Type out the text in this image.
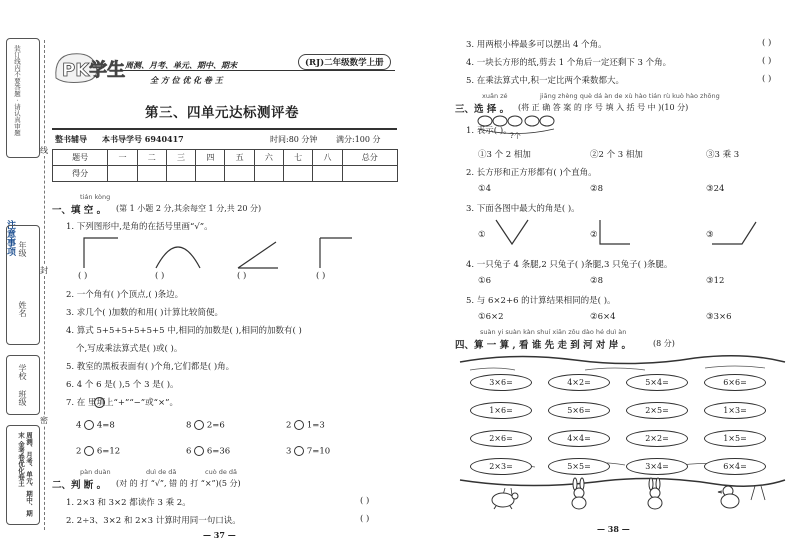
装订线内不要答题 · 请认真审题
注意事项 年级
姓名
学校
班级
周测、月考、单元、期中、期末 金考卷优化卷王
线
封
密
PK学生 周测、月考、单元、期中、期末
全 方 位 优 化 卷 王
(RJ)二年级数学上册
第三、四单元达标测评卷
整书辅导 本书导学号 6940417	时间:80 分钟 满分:100 分
题号	一	二	三	四	五	六	七	八	总分
得分									
tián kòng
一、填 空 。 (第 1 小题 2 分,其余每空 1 分,共 20 分)
1. 下列图形中,是角的在括号里画“√”。
( )	( )	( )	( )
2. 一个角有( )个顶点,( )条边。
3. 求几个( )加数的和用( )计算比较简便。
4. 算式 5+5+5+5+5+5 中,相同的加数是( ),相同的加数有( )
个,写成乘法算式是( )或( )。
5. 教室的黑板表面有( )个角,它们都是( )角。
6. 4 个 6 是( ),5 个 3 是( )。
7. 在 里填上“+”“−”或“×”。
4 4=8	8 2=6	2 1=3
2 6=12	6 6=36	3 7=10
pàn duàn	duì de dǎ	cuò de dǎ
二、判 断 。 (对 的 打 “√”, 错 的 打 “×”)(5 分)
1. 2×3 和 3×2 都读作 3 乘 2。	( )
2. 2÷3、3×2 和 2×3 计算时用同一句口诀。	( )
— 37 —
3. 用两根小棒最多可以摆出 4 个角。	( )
4. 一块长方形的纸,剪去 1 个角后一定还剩下 3 个角。	( )
5. 在乘法算式中,积一定比两个乘数都大。	( )
xuǎn zé	jiāng zhèng què dá àn de xù hào tián rù kuò hào zhōng
三、选 择 。 (将 正 确 答 案 的 序 号 填 入 括 号 中 )(10 分)
1. 表示( )。
?个
①3 个 2 相加	②2 个 3 相加	③3 乘 3
2. 长方形和正方形都有( )个直角。
①4	②8	③24
3. 下面各图中最大的角是( )。
①	②	③
4. 一只兔子 4 条腿,2 只兔子( )条腿,3 只兔子( )条腿。
①6	②8	③12
5. 与 6×2+6 的计算结果相同的是( )。
①6×2	②6×4	③3×6
suàn yi suàn kàn shuí xiān zǒu dào hé duì àn
四、算 一 算 , 看 谁 先 走 到 河 对 岸 。	(8 分)
3×6=	4×2=	5×4=	6×6=
1×6=	5×6=	2×5=	1×3=
2×6=	4×4=	2×2=	1×5=
2×3=	5×5=	3×4=	6×4=
— 38 —
